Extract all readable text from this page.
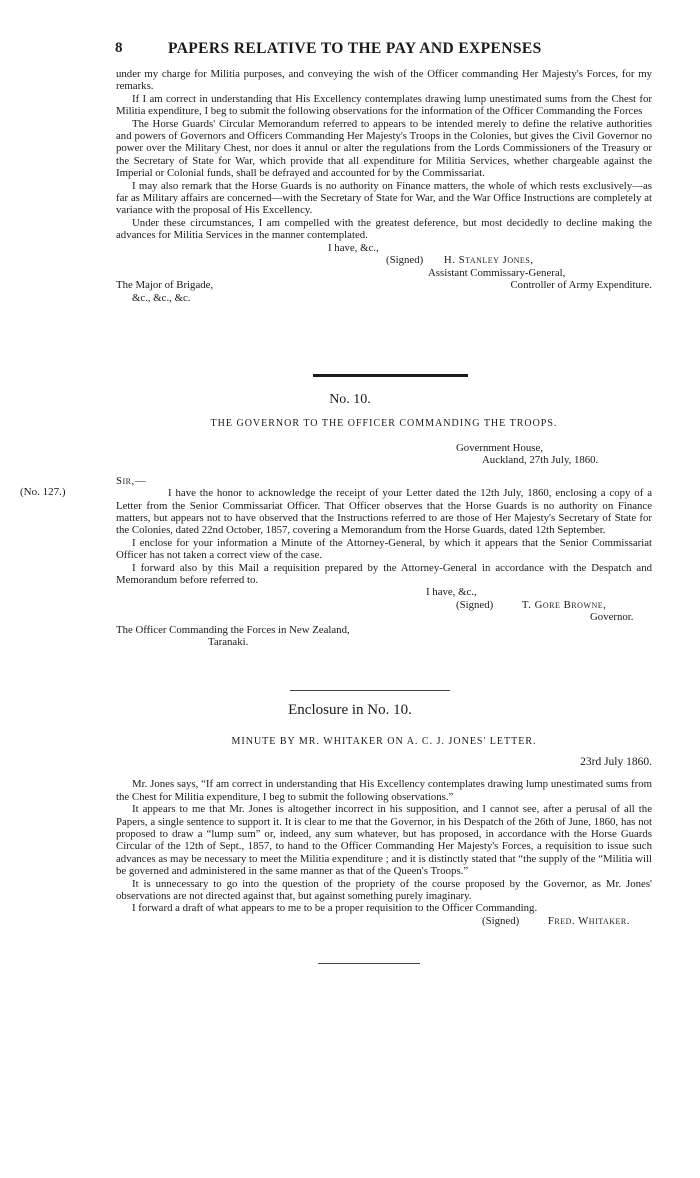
8	PAPERS RELATIVE TO THE PAY AND EXPENSES

under my charge for Militia purposes, and conveying the wish of the Officer commanding Her Majesty's Forces, for my remarks.

If I am correct in understanding that His Excellency contemplates drawing lump unestimated sums from the Chest for Militia expenditure, I beg to submit the following observations for the information of the Officer Commanding the Forces

The Horse Guards' Circular Memorandum referred to appears to be intended merely to define the relative authorities and powers of Governors and Officers Commanding Her Majesty's Troops in the Colonies, but gives the Civil Governor no power over the Military Chest, nor does it annul or alter the regulations from the Lords Commissioners of the Treasury or the Secretary of State for War, which provide that all expenditure for Militia Services, whether chargeable against the Imperial or Colonial funds, shall be defrayed and accounted for by the Commissariat.

I may also remark that the Horse Guards is no authority on Finance matters, the whole of which rests exclusively—as far as Military affairs are concerned—with the Secretary of State for War, and the War Office Instructions are completely at variance with the proposal of His Excellency.

Under these circumstances, I am compelled with the greatest deference, but most decidedly to decline making the advances for Militia Services in the manner contemplated.

I have, &c.,
(Signed) H. Stanley Jones,
Assistant Commissary-General,
The Major of Brigade,	Controller of Army Expenditure.
&c., &c., &c.
No. 10.
THE GOVERNOR TO THE OFFICER COMMANDING THE TROOPS.
(No. 127.)
Government House,
Auckland, 27th July, 1860.
Sir,—

I have the honor to acknowledge the receipt of your Letter dated the 12th July, 1860, enclosing a copy of a Letter from the Senior Commissariat Officer. That Officer observes that the Horse Guards is no authority on Finance matters, but appears not to have observed that the Instructions referred to are those of Her Majesty's Secretary of State for the Colonies, dated 22nd October, 1857, covering a Memorandum from the Horse Guards, dated 12th September.

I enclose for your information a Minute of the Attorney-General, by which it appears that the Senior Commissariat Officer has not taken a correct view of the case.

I forward also by this Mail a requisition prepared by the Attorney-General in accordance with the Despatch and Memorandum before referred to.

I have, &c.,
(Signed)	T. Gore Browne,
Governor.
The Officer Commanding the Forces in New Zealand,
Taranaki.
Enclosure in No. 10.
MINUTE BY MR. WHITAKER ON A. C. J. JONES' LETTER.
23rd July 1860.

Mr. Jones says, “If am correct in understanding that His Excellency contemplates drawing lump unestimated sums from the Chest for Militia expenditure, I beg to submit the following observations.”

It appears to me that Mr. Jones is altogether incorrect in his supposition, and I cannot see, after a perusal of all the Papers, a single sentence to support it. It is clear to me that the Governor, in his Despatch of the 26th of June, 1860, has not proposed to draw a “lump sum” or, indeed, any sum whatever, but has proposed, in accordance with the Horse Guards Circular of the 12th of Sept., 1857, to hand to the Officer Commanding Her Majesty's Forces, a requisition to issue such advances as may be necessary to meet the Militia expenditure ; and it is distinctly stated that “the supply of the “Militia will be governed and administered in the same manner as that of the Queen's Troops.”

It is unnecessary to go into the question of the propriety of the course proposed by the Governor, as Mr. Jones' observations are not directed against that, but against something purely imaginary.

I forward a draft of what appears to me to be a proper requisition to the Officer Commanding.

(Signed)	Fred. Whitaker.
